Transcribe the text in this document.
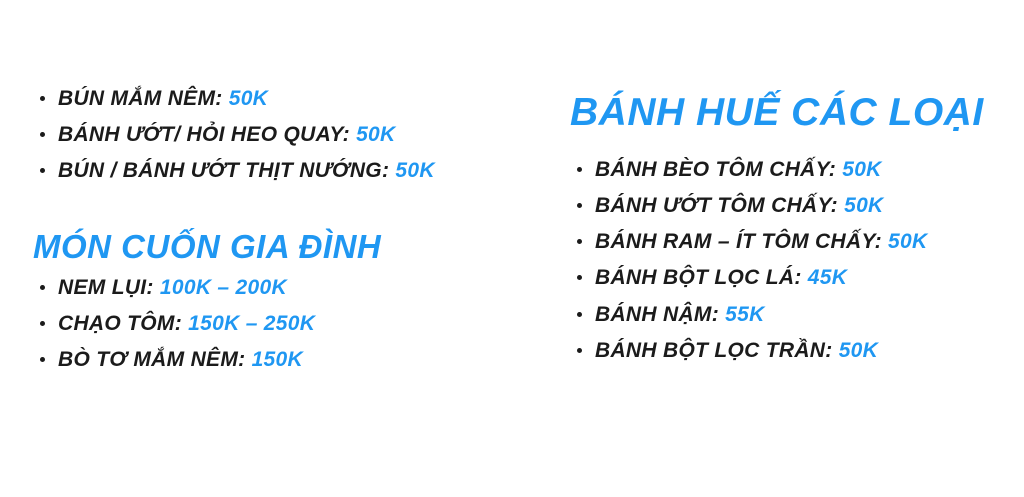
BÚN MẮM NÊM: 50K
BÁNH ƯỚT/ HỎI HEO QUAY: 50K
BÚN / BÁNH ƯỚT THỊT NƯỚNG: 50K
MÓN CUỐN GIA ĐÌNH
NEM LỤI: 100K – 200K
CHẠO TÔM: 150K – 250K
BÒ TƠ MẮM NÊM: 150K
BÁNH HUẾ CÁC LOẠI
BÁNH BÈO TÔM CHẤY: 50K
BÁNH ƯỚT TÔM CHẤY: 50K
BÁNH RAM – ÍT TÔM CHẤY: 50K
BÁNH BỘT LỌC LÁ: 45K
BÁNH NẬM: 55K
BÁNH BỘT LỌC TRẦN: 50K
